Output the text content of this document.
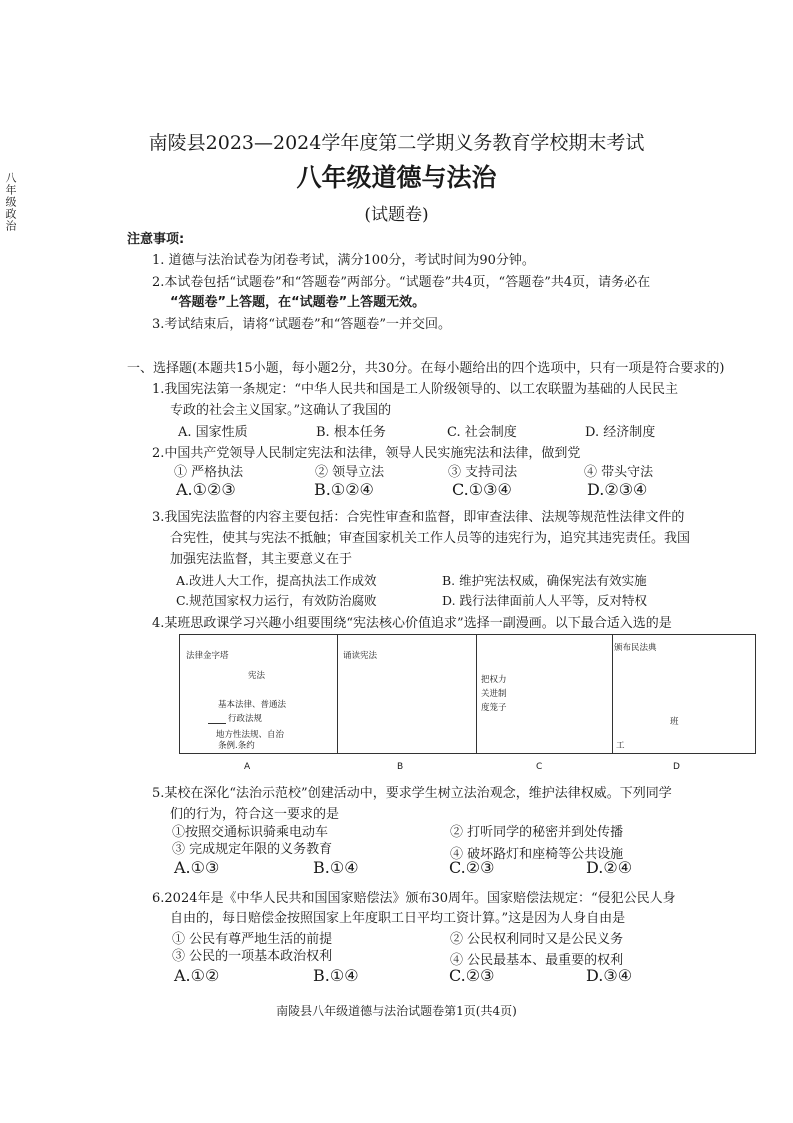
八年级政治
南陵县2023—2024学年度第二学期义务教育学校期末考试
八年级道德与法治
(试题卷)
注意事项:
1. 道德与法治试卷为闭卷考试，满分100分，考试时间为90分钟。
2.本试卷包括“试题卷”和“答题卷”两部分。“试题卷”共4页，“答题卷”共4页，请务必在
“答题卷”上答题，在“试题卷”上答题无效。
3.考试结束后，请将“试题卷”和“答题卷”一并交回。
一、选择题(本题共15小题，每小题2分，共30分。在每小题给出的四个选项中，只有一项是符合要求的)
1.我国宪法第一条规定：“中华人民共和国是工人阶级领导的、以工农联盟为基础的人民民主
专政的社会主义国家。”这确认了我国的
A. 国家性质	B. 根本任务	C. 社会制度	D. 经济制度
2.中国共产党领导人民制定宪法和法律，领导人民实施宪法和法律，做到党
① 严格执法	② 领导立法	③ 支持司法	④ 带头守法
A.①②③	B.①②④	C.①③④	D.②③④
3.我国宪法监督的内容主要包括：合宪性审查和监督，即审查法律、法规等规范性法律文件的
合宪性，使其与宪法不抵触；审查国家机关工作人员等的违宪行为，追究其违宪责任。我国
加强宪法监督，其主要意义在于
A.改进人大工作，提高执法工作成效	B. 维护宪法权威，确保宪法有效实施
C.规范国家权力运行，有效防治腐败	D. 践行法律面前人人平等，反对特权
4.某班思政课学习兴趣小组要围绕“宪法核心价值追求”选择一副漫画。以下最合适入选的是
法律金字塔
宪法
基本法律、普通法
行政法规
地方性法规、自治
条例.条约
诵读宪法
把权力
关进制
度笼子
颁布民法典
班
工
A	B	C	D
5.某校在深化“法治示范校”创建活动中，要求学生树立法治观念，维护法律权威。下列同学
们的行为，符合这一要求的是
①按照交通标识骑乘电动车	② 打听同学的秘密并到处传播
③ 完成规定年限的义务教育	④ 破坏路灯和座椅等公共设施
A.①③	B.①④	C.②③	D.②④
6.2024年是《中华人民共和国国家赔偿法》颁布30周年。国家赔偿法规定：“侵犯公民人身
自由的，每日赔偿金按照国家上年度职工日平均工资计算。”这是因为人身自由是
① 公民有尊严地生活的前提	② 公民权利同时又是公民义务
③ 公民的一项基本政治权利	④ 公民最基本、最重要的权利
A.①②	B.①④	C.②③	D.③④
南陵县八年级道德与法治试题卷第1页(共4页)
